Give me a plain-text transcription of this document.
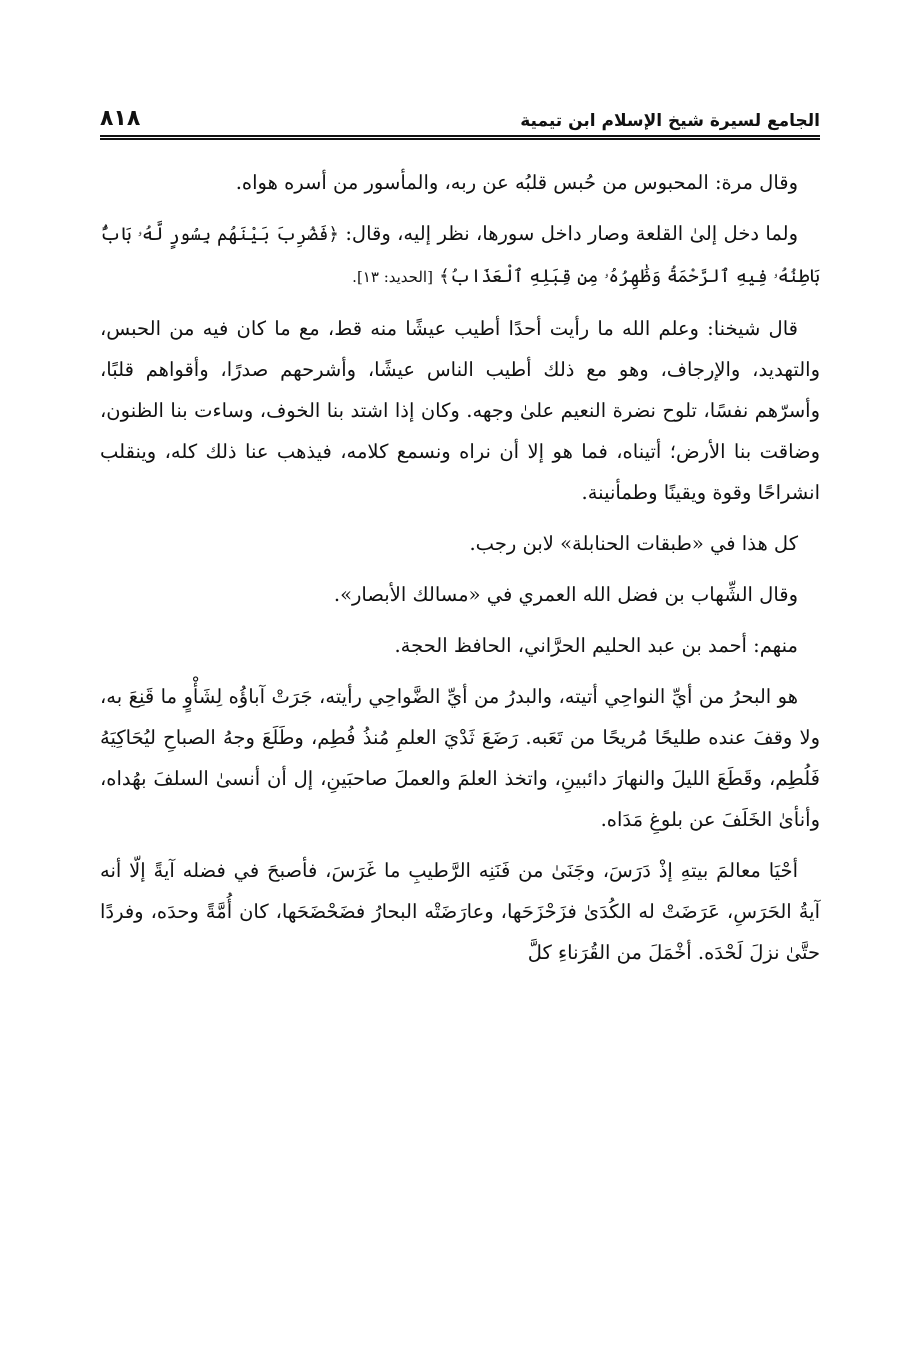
الجامع لسيرة شيخ الإسلام ابن تيمية
٨١٨

وقال مرة: المحبوس من حُبس قلبُه عن ربه، والمأسور من أسره هواه.

ولما دخل إلىٰ القلعة وصار داخل سورها، نظر إليه، وقال: ﴿فَضُرِبَ بَيْنَهُم بِسُورٍ لَّهُۥ بَابٌۢ بَاطِنُهُۥ فِيهِ ٱلرَّحْمَةُ وَظَٰهِرُهُۥ مِن قِبَلِهِ ٱلْعَذَابُ﴾ [الحديد: ١٣].

قال شيخنا: وعلم الله ما رأيت أحدًا أطيب عيشًا منه قط، مع ما كان فيه من الحبس، والتهديد، والإرجاف، وهو مع ذلك أطيب الناس عيشًا، وأشرحهم صدرًا، وأقواهم قلبًا، وأسرّهم نفسًا، تلوح نضرة النعيم علىٰ وجهه. وكان إذا اشتد بنا الخوف، وساءت بنا الظنون، وضاقت بنا الأرض؛ أتيناه، فما هو إلا أن نراه ونسمع كلامه، فيذهب عنا ذلك كله، وينقلب انشراحًا وقوة ويقينًا وطمأنينة.

كل هذا في «طبقات الحنابلة» لابن رجب.

وقال الشِّهاب بن فضل الله العمري في «مسالك الأبصار».

منهم: أحمد بن عبد الحليم الحرَّاني، الحافظ الحجة.

هو البحرُ من أيِّ النواحِي أتيته، والبدرُ من أيِّ الضَّواحِي رأيته، جَرَتْ آباؤُه لِشَأْوٍ ما قَنِعَ به، ولا وقفَ عنده طليحًا مُريحًا من تَعَبه. رَضَعَ ثَدْيَ العلمِ مُنذُ فُطِم، وطَلَعَ وجهُ الصباحِ ليُحَاكِيَهُ فَلُطِم، وقَطَعَ الليلَ والنهارَ دائبينِ، واتخذ العلمَ والعملَ صاحبَينِ، إل أن أنسىٰ السلفَ بهُداه، وأنأىٰ الخَلَفَ عن بلوغِ مَدَاه.

أحْيَا معالمَ بيتهِ إذْ دَرَسَ، وجَنَىٰ من فَنَنِه الرَّطيبِ ما غَرَسَ، فأصبحَ في فضله آيةً إلّا أنه آيةُ الحَرَسِ، عَرَضَتْ له الكُدَىٰ فزَحْزَحَها، وعارَضَتْه البحارُ فضَحْضَحَها، كان أُمَّةً وحدَه، وفردًا حتَّىٰ نزلَ لَحْدَه. أخْمَلَ من القُرَناءِ كلَّ
